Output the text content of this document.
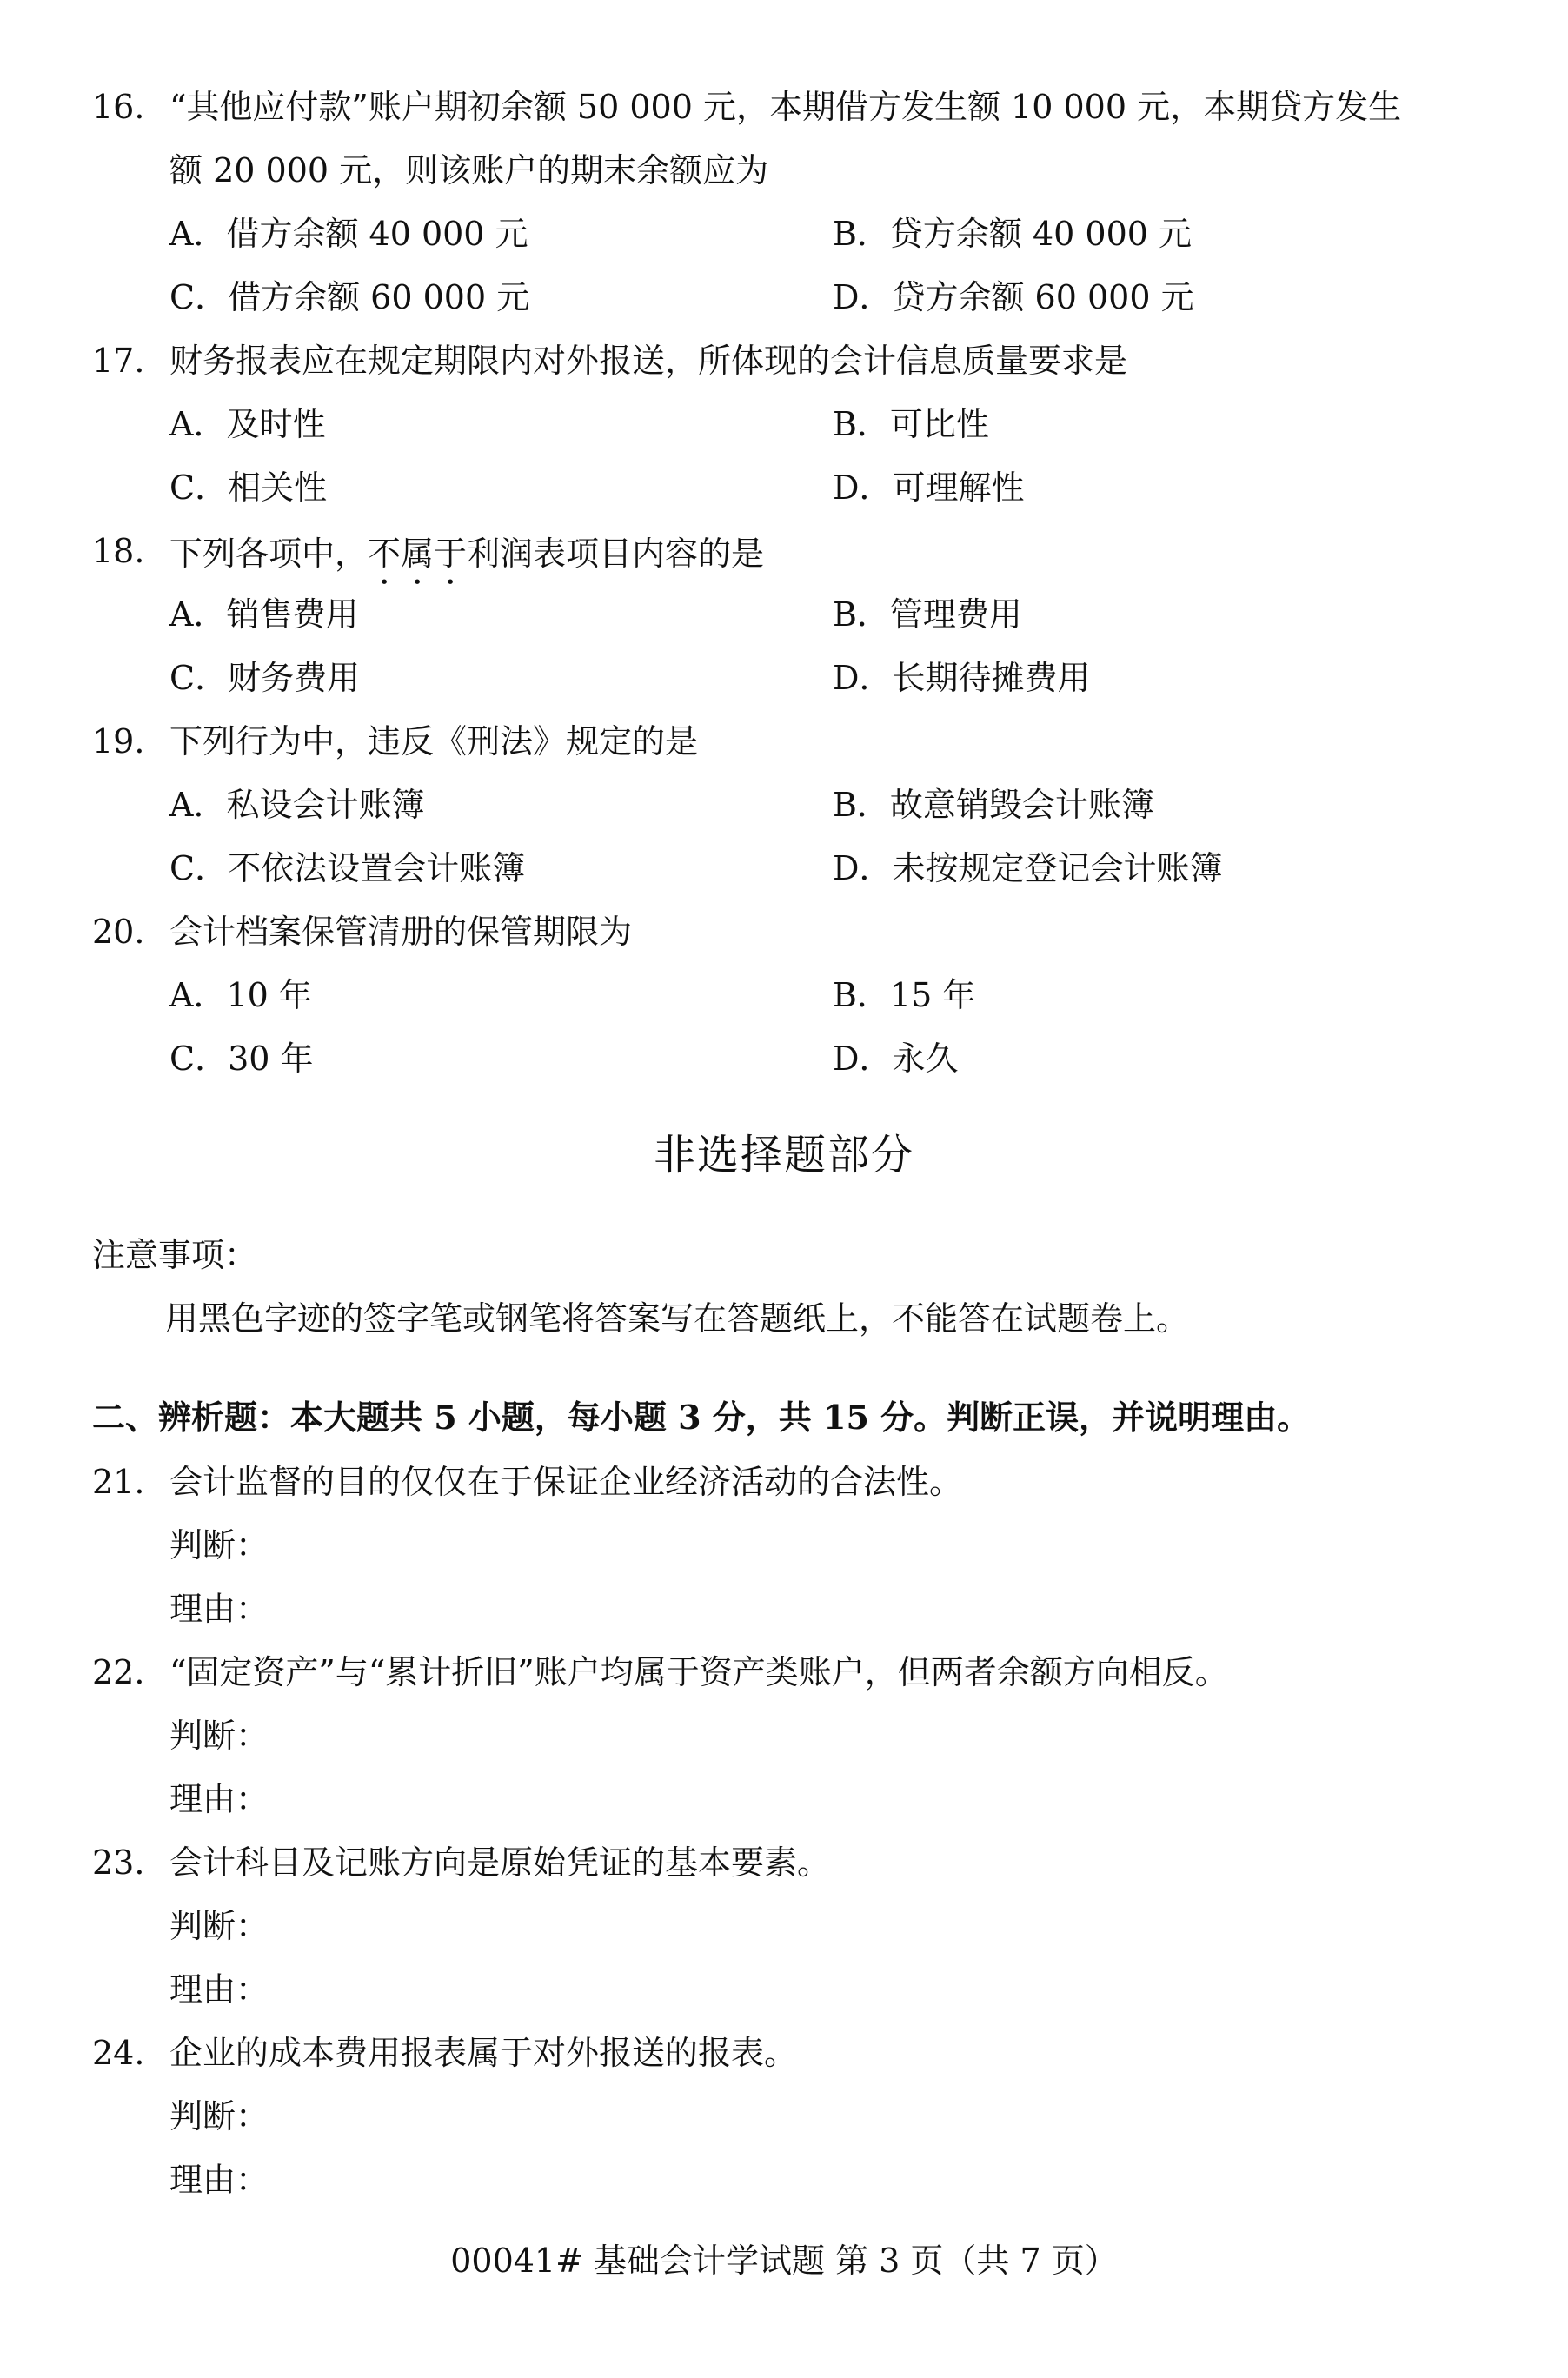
16. “其他应付款”账户期初余额 50 000 元，本期借方发生额 10 000 元，本期贷方发生
额 20 000 元，则该账户的期末余额应为
A．借方余额 40 000 元	B．贷方余额 40 000 元
C．借方余额 60 000 元	D．贷方余额 60 000 元
17. 财务报表应在规定期限内对外报送，所体现的会计信息质量要求是
A．及时性	B．可比性
C．相关性	D．可理解性
18. 下列各项中，不属于利润表项目内容的是
A．销售费用	B．管理费用
C．财务费用	D．长期待摊费用
19. 下列行为中，违反《刑法》规定的是
A．私设会计账簿	B．故意销毁会计账簿
C．不依法设置会计账簿	D．未按规定登记会计账簿
20. 会计档案保管清册的保管期限为
A．10 年	B．15 年
C．30 年	D．永久
非选择题部分
注意事项：
用黑色字迹的签字笔或钢笔将答案写在答题纸上，不能答在试题卷上。
二、辨析题：本大题共 5 小题，每小题 3 分，共 15 分。判断正误，并说明理由。
21. 会计监督的目的仅仅在于保证企业经济活动的合法性。
判断：
理由：
22. “固定资产”与“累计折旧”账户均属于资产类账户，但两者余额方向相反。
判断：
理由：
23. 会计科目及记账方向是原始凭证的基本要素。
判断：
理由：
24. 企业的成本费用报表属于对外报送的报表。
判断：
理由：
00041# 基础会计学试题 第 3 页（共 7 页）
